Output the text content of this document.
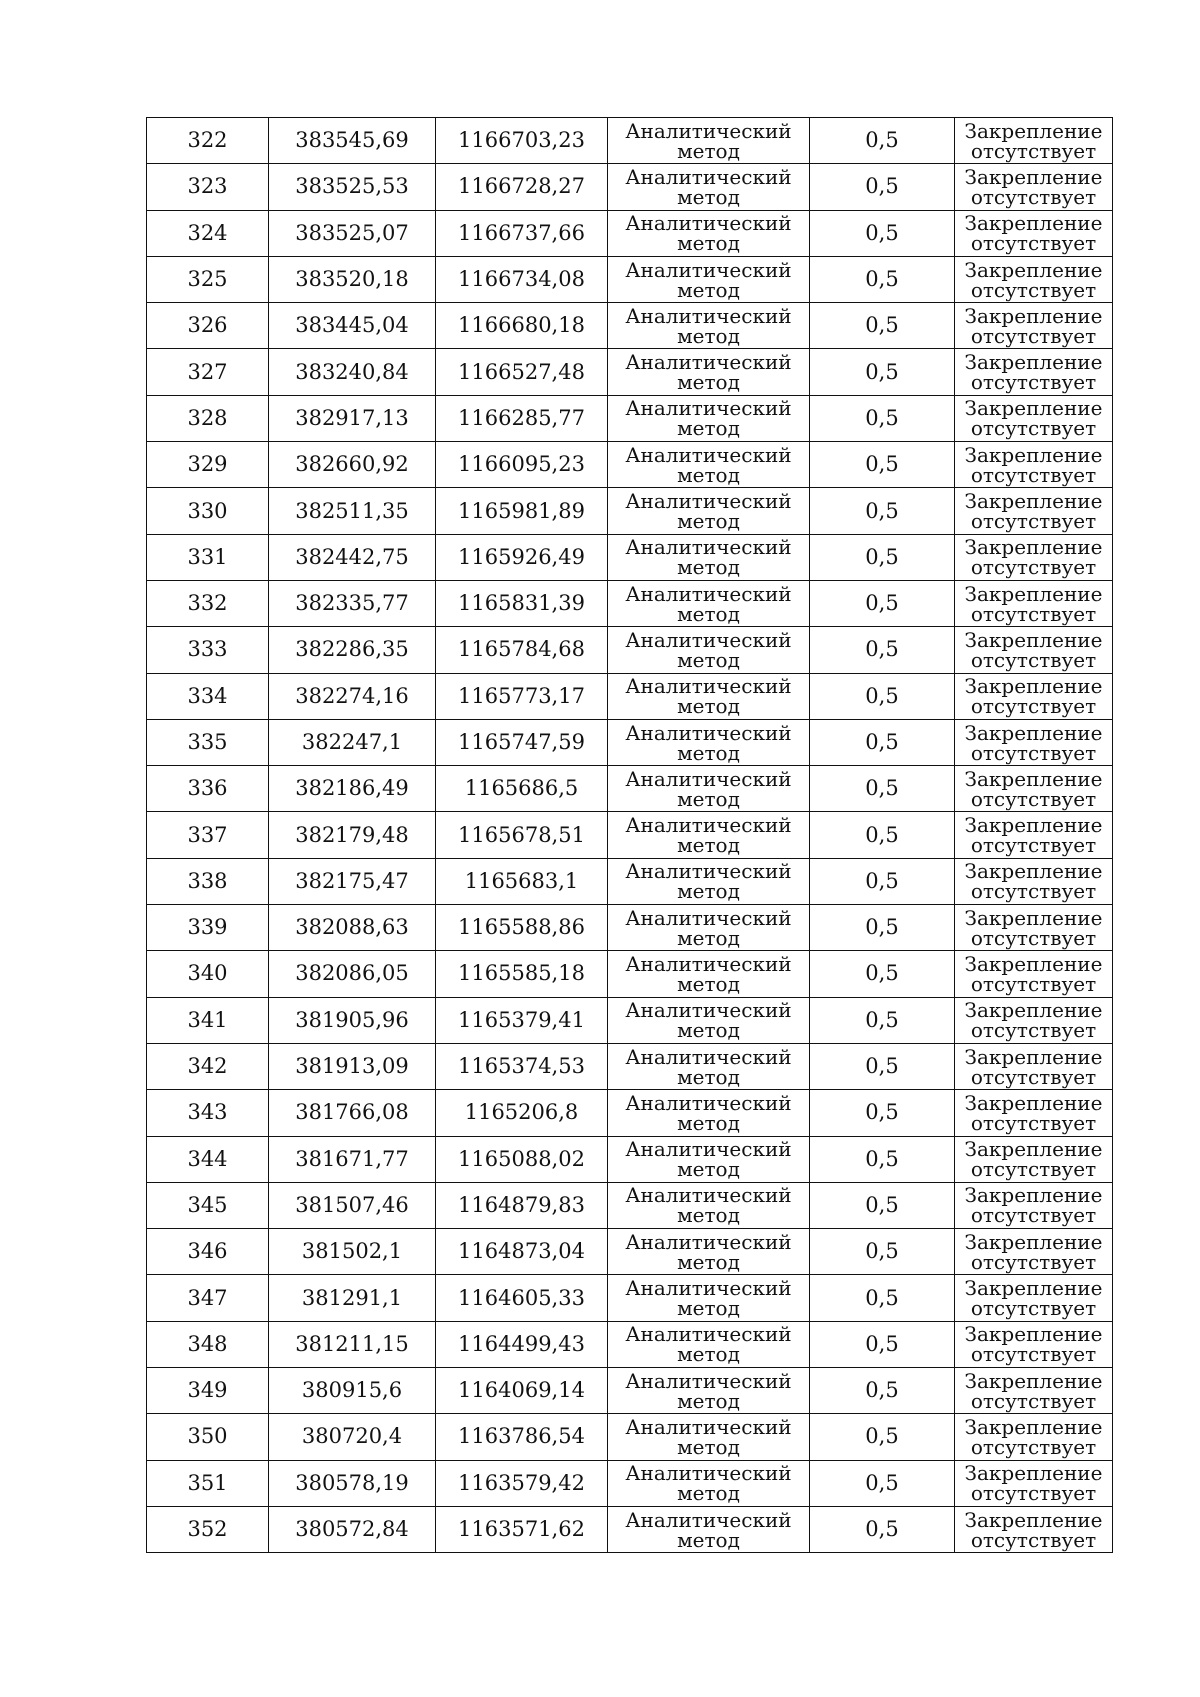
322	383545,69	1166703,23	Аналитический метод	0,5	Закрепление отсутствует
323	383525,53	1166728,27	Аналитический метод	0,5	Закрепление отсутствует
324	383525,07	1166737,66	Аналитический метод	0,5	Закрепление отсутствует
325	383520,18	1166734,08	Аналитический метод	0,5	Закрепление отсутствует
326	383445,04	1166680,18	Аналитический метод	0,5	Закрепление отсутствует
327	383240,84	1166527,48	Аналитический метод	0,5	Закрепление отсутствует
328	382917,13	1166285,77	Аналитический метод	0,5	Закрепление отсутствует
329	382660,92	1166095,23	Аналитический метод	0,5	Закрепление отсутствует
330	382511,35	1165981,89	Аналитический метод	0,5	Закрепление отсутствует
331	382442,75	1165926,49	Аналитический метод	0,5	Закрепление отсутствует
332	382335,77	1165831,39	Аналитический метод	0,5	Закрепление отсутствует
333	382286,35	1165784,68	Аналитический метод	0,5	Закрепление отсутствует
334	382274,16	1165773,17	Аналитический метод	0,5	Закрепление отсутствует
335	382247,1	1165747,59	Аналитический метод	0,5	Закрепление отсутствует
336	382186,49	1165686,5	Аналитический метод	0,5	Закрепление отсутствует
337	382179,48	1165678,51	Аналитический метод	0,5	Закрепление отсутствует
338	382175,47	1165683,1	Аналитический метод	0,5	Закрепление отсутствует
339	382088,63	1165588,86	Аналитический метод	0,5	Закрепление отсутствует
340	382086,05	1165585,18	Аналитический метод	0,5	Закрепление отсутствует
341	381905,96	1165379,41	Аналитический метод	0,5	Закрепление отсутствует
342	381913,09	1165374,53	Аналитический метод	0,5	Закрепление отсутствует
343	381766,08	1165206,8	Аналитический метод	0,5	Закрепление отсутствует
344	381671,77	1165088,02	Аналитический метод	0,5	Закрепление отсутствует
345	381507,46	1164879,83	Аналитический метод	0,5	Закрепление отсутствует
346	381502,1	1164873,04	Аналитический метод	0,5	Закрепление отсутствует
347	381291,1	1164605,33	Аналитический метод	0,5	Закрепление отсутствует
348	381211,15	1164499,43	Аналитический метод	0,5	Закрепление отсутствует
349	380915,6	1164069,14	Аналитический метод	0,5	Закрепление отсутствует
350	380720,4	1163786,54	Аналитический метод	0,5	Закрепление отсутствует
351	380578,19	1163579,42	Аналитический метод	0,5	Закрепление отсутствует
352	380572,84	1163571,62	Аналитический метод	0,5	Закрепление отсутствует
